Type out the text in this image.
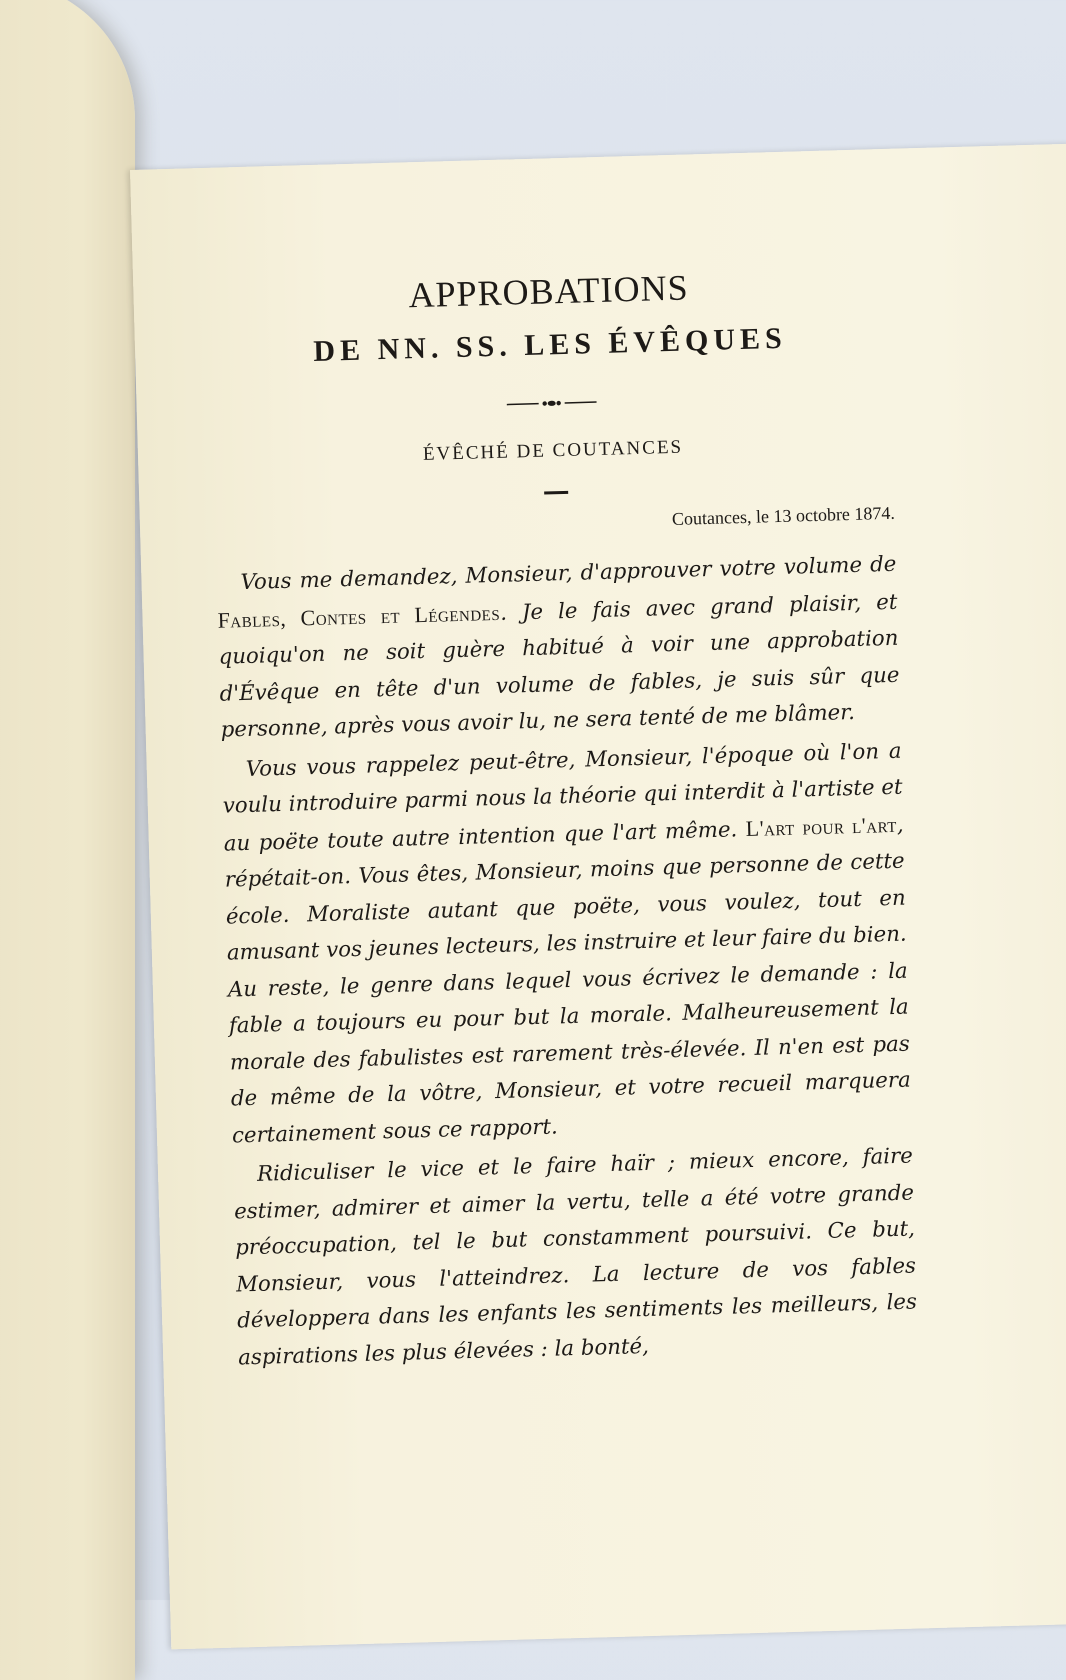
APPROBATIONS
DE NN. SS. LES ÉVÊQUES
ÉVÊCHÉ DE COUTANCES
Coutances, le 13 octobre 1874.

Vous me demandez, Monsieur, d'approuver votre volume de Fables, Contes et Légendes. Je le fais avec grand plaisir, et quoiqu'on ne soit guère habitué à voir une approbation d'Évêque en tête d'un volume de fables, je suis sûr que personne, après vous avoir lu, ne sera tenté de me blâmer.

Vous vous rappelez peut-être, Monsieur, l'époque où l'on a voulu introduire parmi nous la théorie qui interdit à l'artiste et au poëte toute autre intention que l'art même. L'art pour l'art, répétait-on. Vous êtes, Monsieur, moins que personne de cette école. Moraliste autant que poëte, vous voulez, tout en amusant vos jeunes lecteurs, les instruire et leur faire du bien. Au reste, le genre dans lequel vous écrivez le demande : la fable a toujours eu pour but la morale. Malheureusement la morale des fabulistes est rarement très-élevée. Il n'en est pas de même de la vôtre, Monsieur, et votre recueil marquera certainement sous ce rapport.

Ridiculiser le vice et le faire haïr ; mieux encore, faire estimer, admirer et aimer la vertu, telle a été votre grande préoccupation, tel le but constamment poursuivi. Ce but, Monsieur, vous l'atteindrez. La lecture de vos fables développera dans les enfants les sentiments les meilleurs, les aspirations les plus élevées : la bonté,
